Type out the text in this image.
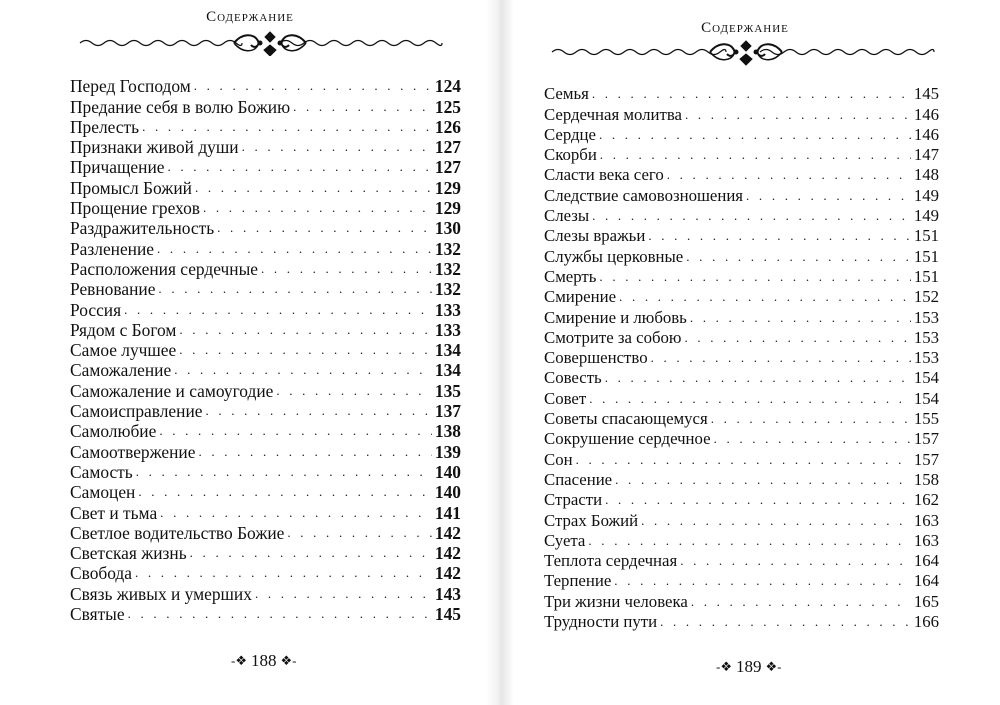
Содержание
Перед Господом . . .	124
Предание себя в волю Божию . . .	125
Прелесть . . .	126
Признаки живой души . . .	127
Причащение . . .	127
Промысл Божий . . .	129
Прощение грехов . . .	129
Раздражительность . . .	130
Разленение . . .	132
Расположения сердечные . . .	132
Ревнование . . .	132
Россия . . .	133
Рядом с Богом . . .	133
Самое лучшее . . .	134
Саможаление . . .	134
Саможаление и самоугодие . . .	135
Самоисправление . . .	137
Самолюбие . . .	138
Самоотвержение . . .	139
Самость . . .	140
Самоцен . . .	140
Свет и тьма . . .	141
Светлое водительство Божие . . .	142
Светская жизнь . . .	142
Свобода . . .	142
Связь живых и умерших . . .	143
Святые . . .	145
-❖ 188 ❖-
Содержание
Семья . . .	145
Сердечная молитва . . .	146
Сердце . . .	146
Скорби . . .	147
Сласти века сего . . .	148
Следствие самовозношения . . .	149
Слезы . . .	149
Слезы вражьи . . .	151
Службы церковные . . .	151
Смерть . . .	151
Смирение . . .	152
Смирение и любовь . . .	153
Смотрите за собою . . .	153
Совершенство . . .	153
Совесть . . .	154
Совет . . .	154
Советы спасающемуся . . .	155
Сокрушение сердечное . . .	157
Сон . . .	157
Спасение . . .	158
Страсти . . .	162
Страх Божий . . .	163
Суета . . .	163
Теплота сердечная . . .	164
Терпение . . .	164
Три жизни человека . . .	165
Трудности пути . . .	166
-❖ 189 ❖-
